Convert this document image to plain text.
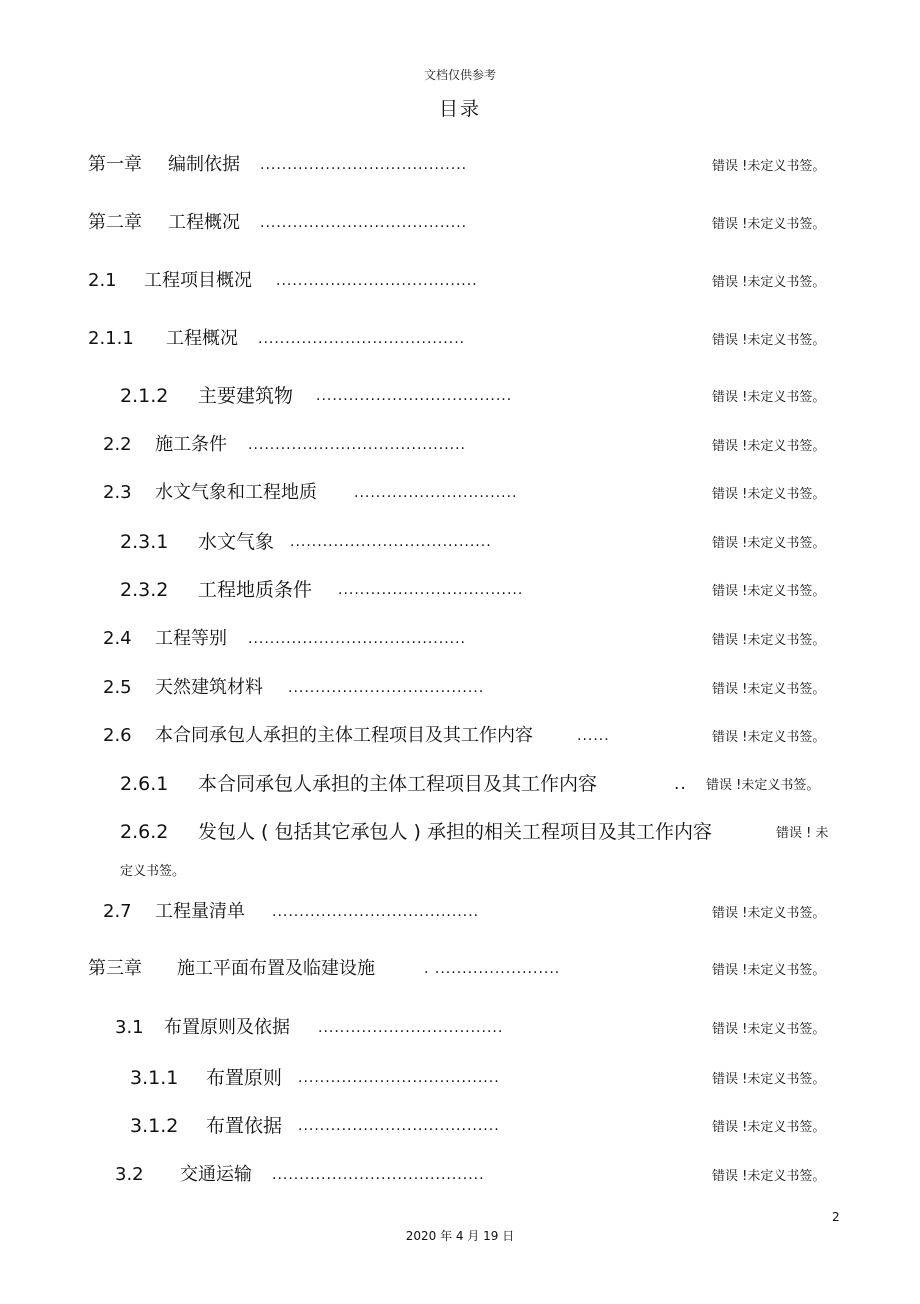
文档仅供参考
目录
第一章 编制依据 ......................................	错误 !未定义书签。
第二章 工程概况 ......................................	错误 !未定义书签。
2.1 工程项目概况 .....................................	错误 !未定义书签。
2.1.1 工程概况 ......................................	错误 !未定义书签。
2.1.2 主要建筑物 ....................................	错误 !未定义书签。
2.2 施工条件 ........................................	错误 !未定义书签。
2.3 水文气象和工程地质	..............................	错误 !未定义书签。
2.3.1 水文气象 .....................................	错误 !未定义书签。
2.3.2 工程地质条件 ..................................	错误 !未定义书签。
2.4 工程等别 ........................................	错误 !未定义书签。
2.5 天然建筑材料 ....................................	错误 !未定义书签。
2.6 本合同承包人承担的主体工程项目及其工作内容	......	错误 !未定义书签。
2.6.1 本合同承包人承担的主体工程项目及其工作内容	.. 错误 !未定义书签。
2.6.2 发包人 ( 包括其它承包人 ) 承担的相关工程项目及其工作内容	错误 ! 未
定义书签。
2.7 工程量清单 ......................................	错误 !未定义书签。
第三章 施工平面布置及临建设施	. .......................	错误 !未定义书签。
3.1 布置原则及依据 ..................................	错误 !未定义书签。
3.1.1 布置原则 .....................................	错误 !未定义书签。
3.1.2 布置依据 .....................................	错误 !未定义书签。
3.2 交通运输 .......................................	错误 !未定义书签。
2
2020 年 4 月 19 日
